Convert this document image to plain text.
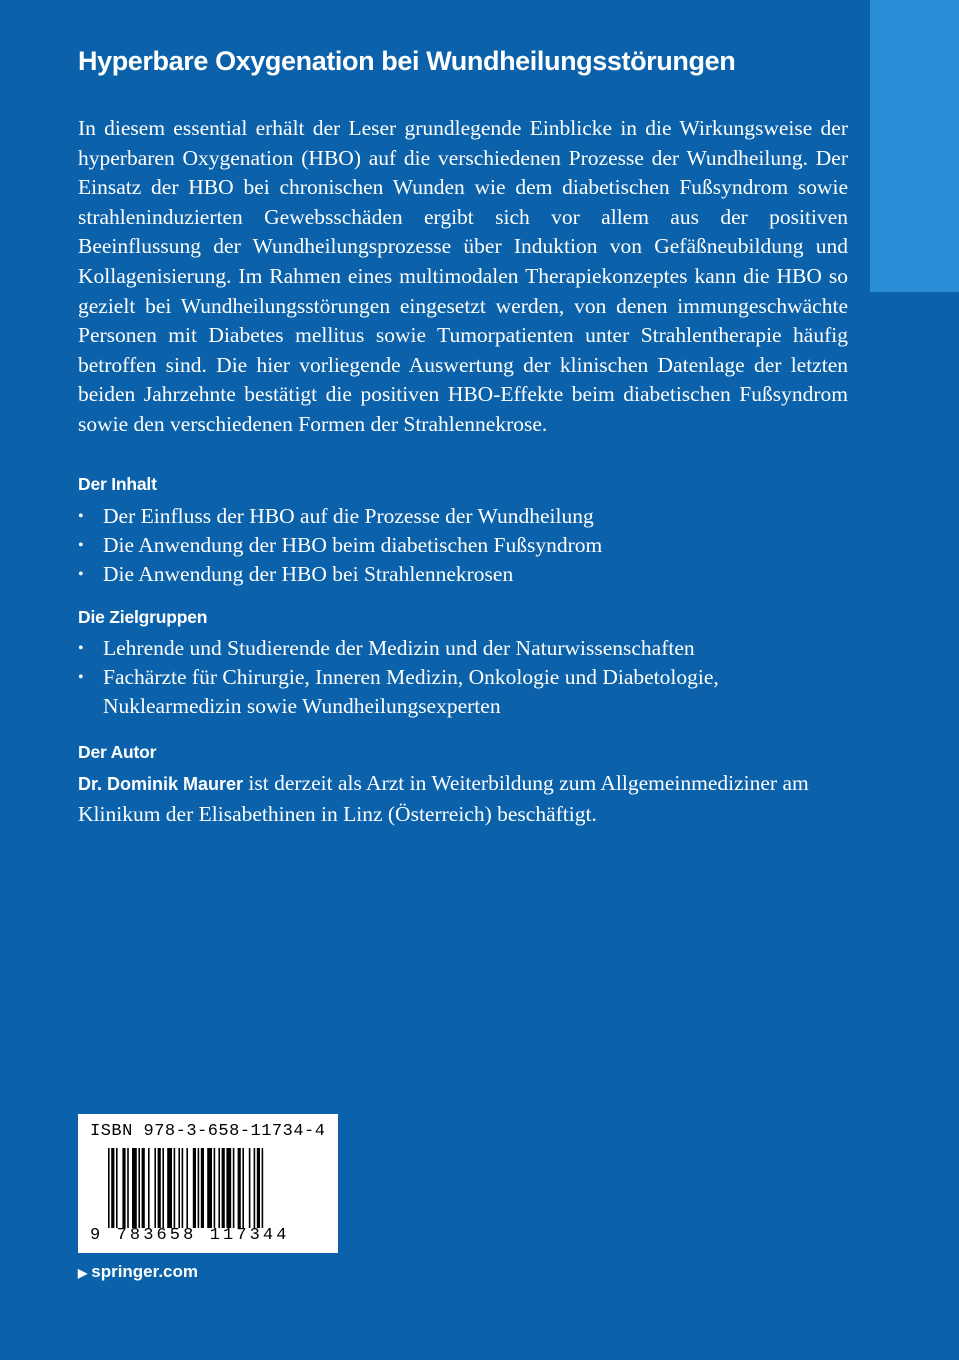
Hyperbare Oxygenation bei Wundheilungsstörungen
In diesem essential erhält der Leser grundlegende Einblicke in die Wirkungsweise der hyperbaren Oxygenation (HBO) auf die verschiedenen Prozesse der Wundheilung. Der Einsatz der HBO bei chronischen Wunden wie dem diabetischen Fußsyndrom sowie strahleninduzierten Gewebsschäden ergibt sich vor allem aus der positiven Beeinflussung der Wundheilungsprozesse über Induktion von Gefäßneubildung und Kollagenisierung. Im Rahmen eines multimodalen Therapiekonzeptes kann die HBO so gezielt bei Wundheilungsstörungen eingesetzt werden, von denen immungeschwächte Personen mit Diabetes mellitus sowie Tumorpatienten unter Strahlentherapie häufig betroffen sind. Die hier vorliegende Auswertung der klinischen Datenlage der letzten beiden Jahrzehnte bestätigt die positiven HBO-Effekte beim diabetischen Fußsyndrom sowie den verschiedenen Formen der Strahlennekrose.
Der Inhalt
• Der Einfluss der HBO auf die Prozesse der Wundheilung
• Die Anwendung der HBO beim diabetischen Fußsyndrom
• Die Anwendung der HBO bei Strahlennekrosen
Die Zielgruppen
• Lehrende und Studierende der Medizin und der Naturwissenschaften
• Fachärzte für Chirurgie, Inneren Medizin, Onkologie und Diabetologie, Nuklearmedizin sowie Wundheilungsexperten
Der Autor
Dr. Dominik Maurer ist derzeit als Arzt in Weiterbildung zum Allgemeinmediziner am Klinikum der Elisabethinen in Linz (Österreich) beschäftigt.
ISBN 978-3-658-11734-4
9 783658 117344
▶ springer.com
